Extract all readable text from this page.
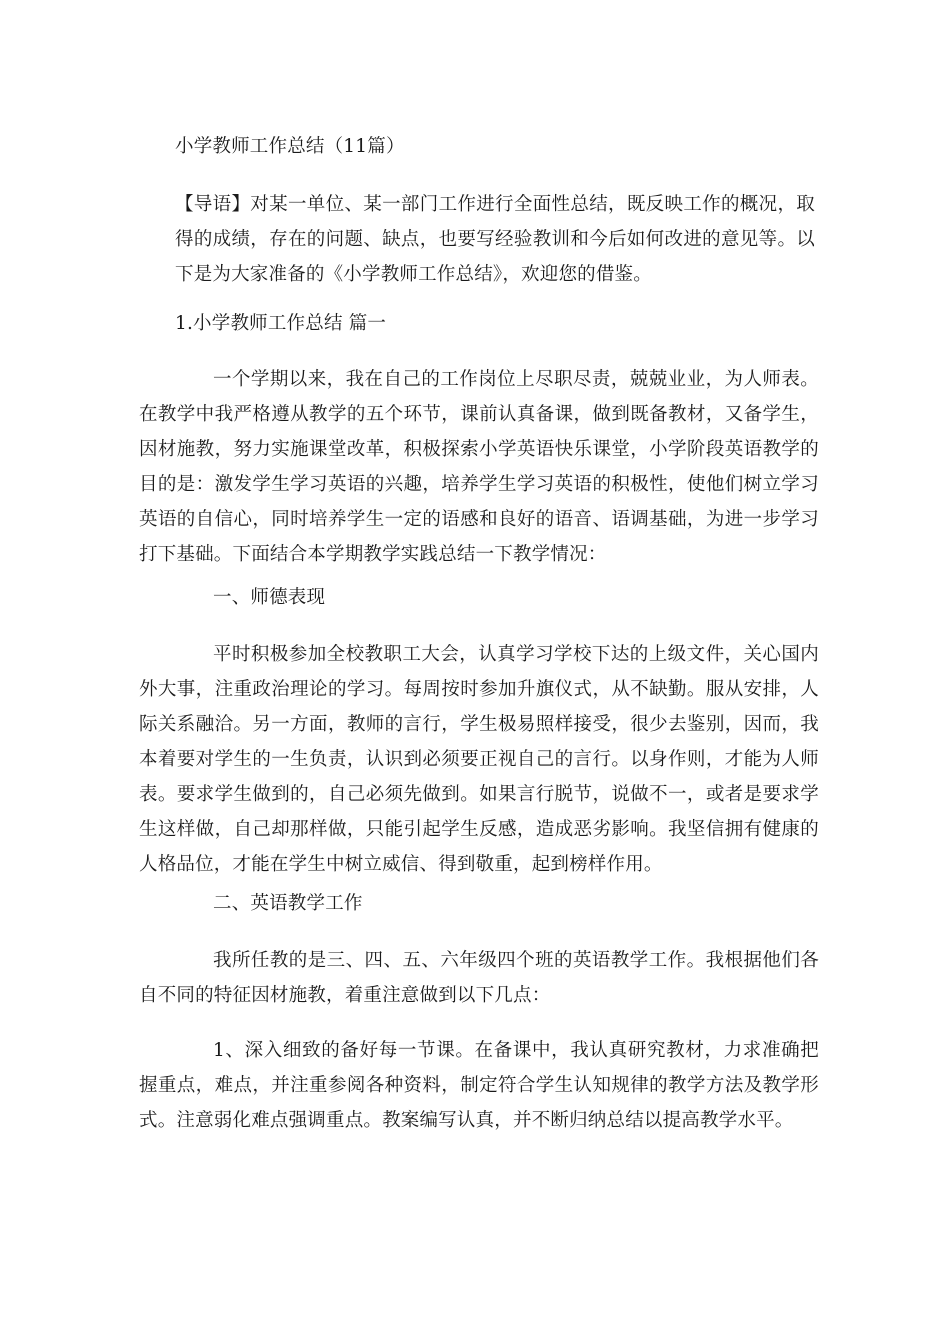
小学教师工作总结（11篇）
【导语】对某一单位、某一部门工作进行全面性总结，既反映工作的概况，取得的成绩，存在的问题、缺点，也要写经验教训和今后如何改进的意见等。以下是为大家准备的《小学教师工作总结》，欢迎您的借鉴。
1.小学教师工作总结 篇一
一个学期以来，我在自己的工作岗位上尽职尽责，兢兢业业，为人师表。在教学中我严格遵从教学的五个环节，课前认真备课，做到既备教材，又备学生，因材施教，努力实施课堂改革，积极探索小学英语快乐课堂，小学阶段英语教学的目的是：激发学生学习英语的兴趣，培养学生学习英语的积极性，使他们树立学习英语的自信心，同时培养学生一定的语感和良好的语音、语调基础，为进一步学习打下基础。下面结合本学期教学实践总结一下教学情况：
一、师德表现
平时积极参加全校教职工大会，认真学习学校下达的上级文件，关心国内外大事，注重政治理论的学习。每周按时参加升旗仪式，从不缺勤。服从安排，人际关系融洽。另一方面，教师的言行，学生极易照样接受，很少去鉴别，因而，我本着要对学生的一生负责，认识到必须要正视自己的言行。以身作则，才能为人师表。要求学生做到的，自己必须先做到。如果言行脱节，说做不一，或者是要求学生这样做，自己却那样做，只能引起学生反感，造成恶劣影响。我坚信拥有健康的人格品位，才能在学生中树立威信、得到敬重，起到榜样作用。
二、英语教学工作
我所任教的是三、四、五、六年级四个班的英语教学工作。我根据他们各自不同的特征因材施教，着重注意做到以下几点：
1、深入细致的备好每一节课。在备课中，我认真研究教材，力求准确把握重点，难点，并注重参阅各种资料，制定符合学生认知规律的教学方法及教学形式。注意弱化难点强调重点。教案编写认真，并不断归纳总结以提高教学水平。
